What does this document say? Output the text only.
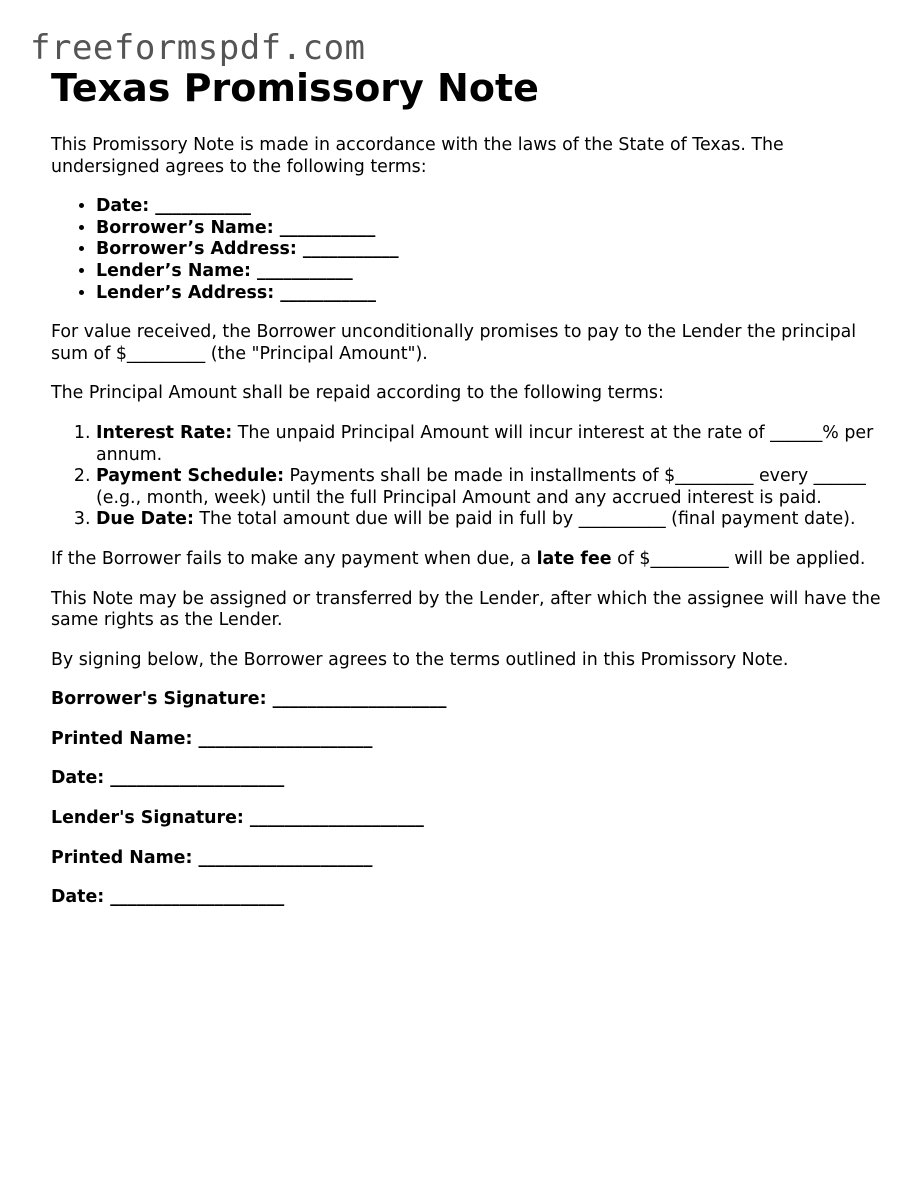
freeformspdf.com
Texas Promissory Note

This Promissory Note is made in accordance with the laws of the State of Texas. The undersigned agrees to the following terms:

• Date: ___________
• Borrower’s Name: ___________
• Borrower’s Address: ___________
• Lender’s Name: ___________
• Lender’s Address: ___________

For value received, the Borrower unconditionally promises to pay to the Lender the principal sum of $_________ (the "Principal Amount").

The Principal Amount shall be repaid according to the following terms:

1. Interest Rate: The unpaid Principal Amount will incur interest at the rate of ______% per annum.
2. Payment Schedule: Payments shall be made in installments of $_________ every ______ (e.g., month, week) until the full Principal Amount and any accrued interest is paid.
3. Due Date: The total amount due will be paid in full by __________ (final payment date).

If the Borrower fails to make any payment when due, a late fee of $_________ will be applied.

This Note may be assigned or transferred by the Lender, after which the assignee will have the same rights as the Lender.

By signing below, the Borrower agrees to the terms outlined in this Promissory Note.

Borrower's Signature: ____________________

Printed Name: ____________________

Date: ____________________

Lender's Signature: ____________________

Printed Name: ____________________

Date: ____________________
